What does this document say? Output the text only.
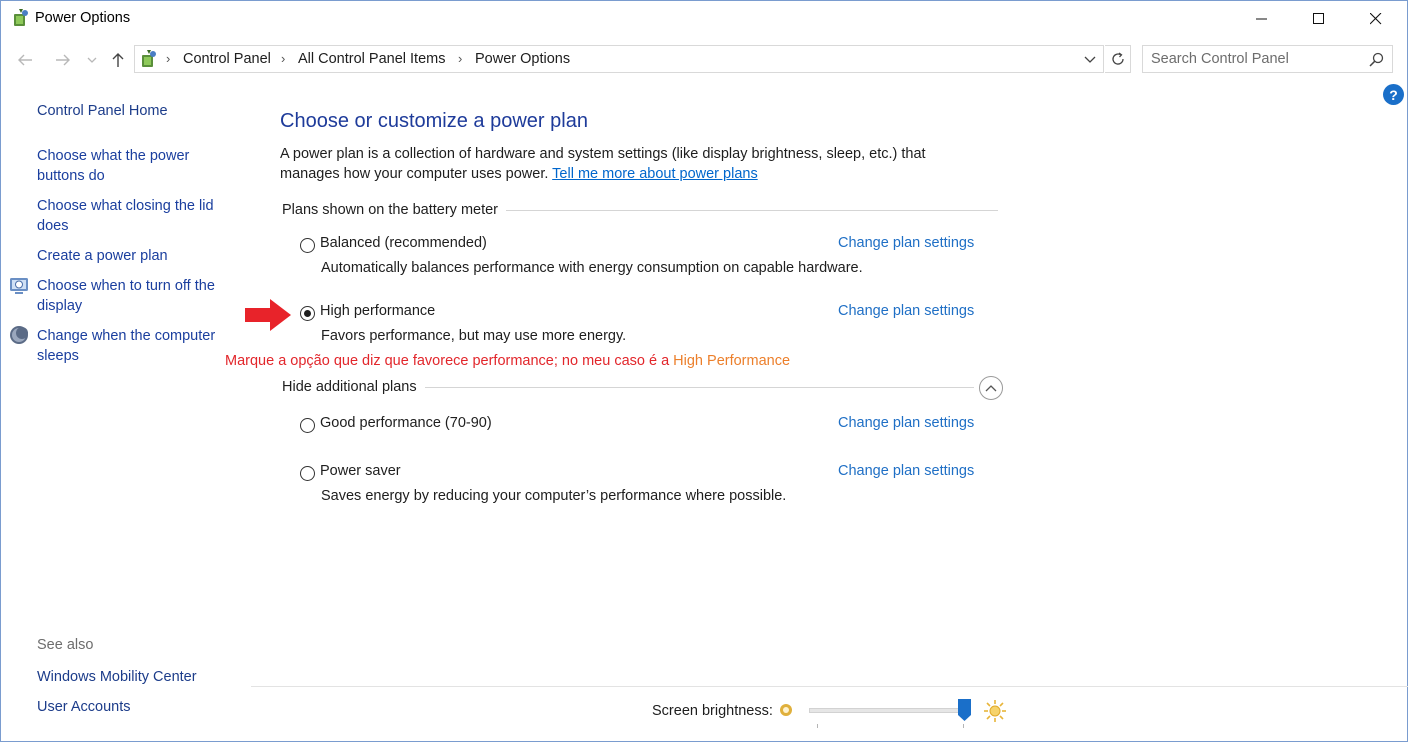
Power Options
› Control Panel › All Control Panel Items › Power Options
Search Control Panel
?
Control Panel Home
Choose what the power
buttons do
Choose what closing the lid
does
Create a power plan
Choose when to turn off the
display
Change when the computer
sleeps
See also
Windows Mobility Center
User Accounts
Choose or customize a power plan
A power plan is a collection of hardware and system settings (like display brightness, sleep, etc.) that
manages how your computer uses power. Tell me more about power plans
Plans shown on the battery meter
Balanced (recommended)	Change plan settings
Automatically balances performance with energy consumption on capable hardware.
High performance	Change plan settings
Favors performance, but may use more energy.
Marque a opção que diz que favorece performance; no meu caso é a High Performance
Hide additional plans
Good performance (70-90)	Change plan settings
Power saver	Change plan settings
Saves energy by reducing your computer’s performance where possible.
Screen brightness:
